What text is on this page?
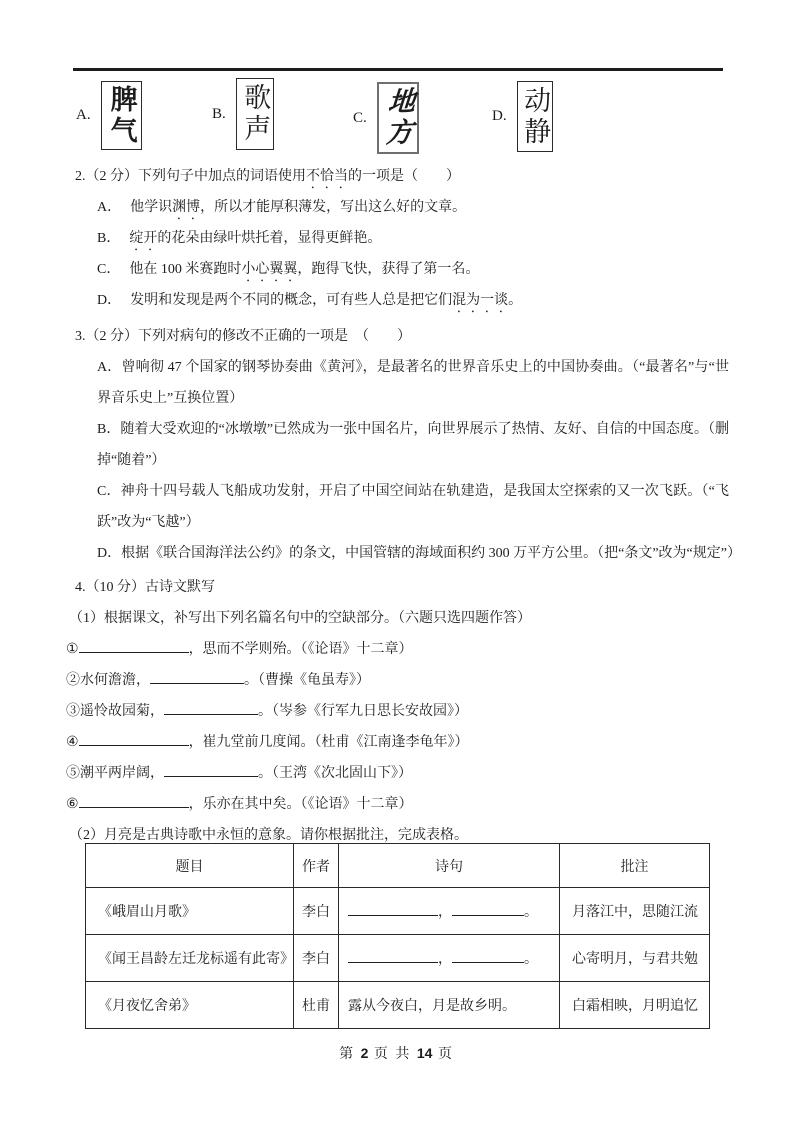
A. 脾气	B. 歌声	C. 地方	D. 动静
2.（2 分）下列句子中加点的词语使用不恰当的一项是（　　）
A． 他学识渊博，所以才能厚积薄发，写出这么好的文章。
B． 绽开的花朵由绿叶烘托着，显得更鲜艳。
C． 他在 100 米赛跑时小心翼翼，跑得飞快，获得了第一名。
D． 发明和发现是两个不同的概念，可有些人总是把它们混为一谈。
3.（2 分）下列对病句的修改不正确的一项是　（　　）

A．曾响彻 47 个国家的钢琴协奏曲《黄河》，是最著名的世界音乐史上的中国协奏曲。（“最著名”与“世界音乐史上”互换位置）

B．随着大受欢迎的“冰墩墩”已然成为一张中国名片，向世界展示了热情、友好、自信的中国态度。（删掉“随着”）

C．神舟十四号载人飞船成功发射，开启了中国空间站在轨建造，是我国太空探索的又一次飞跃。（“飞跃”改为“飞越”）

D．根据《联合国海洋法公约》的条文，中国管辖的海域面积约 300 万平方公里。（把“条文”改为“规定”）

4.（10 分）古诗文默写
（1）根据课文，补写出下列名篇名句中的空缺部分。（六题只选四题作答）
①	，思而不学则殆。（《论语》十二章）
②水何澹澹，	。（曹操《龟虽寿》）
③遥怜故园菊，	。（岑参《行军九日思长安故园》）
④	，崔九堂前几度闻。（杜甫《江南逢李龟年》）
⑤潮平两岸阔，	。（王湾《次北固山下》）
⑥	，乐亦在其中矣。（《论语》十二章）
（2）月亮是古典诗歌中永恒的意象。请你根据批注，完成表格。
题目	作者	诗句	批注
《峨眉山月歌》	李白	， 。	月落江中，思随江流
《闻王昌龄左迁龙标遥有此寄》	李白	， 。	心寄明月，与君共勉
《月夜忆舍弟》	杜甫	露从今夜白，月是故乡明。	白霜相映，月明追忆
第 2 页 共 14 页
